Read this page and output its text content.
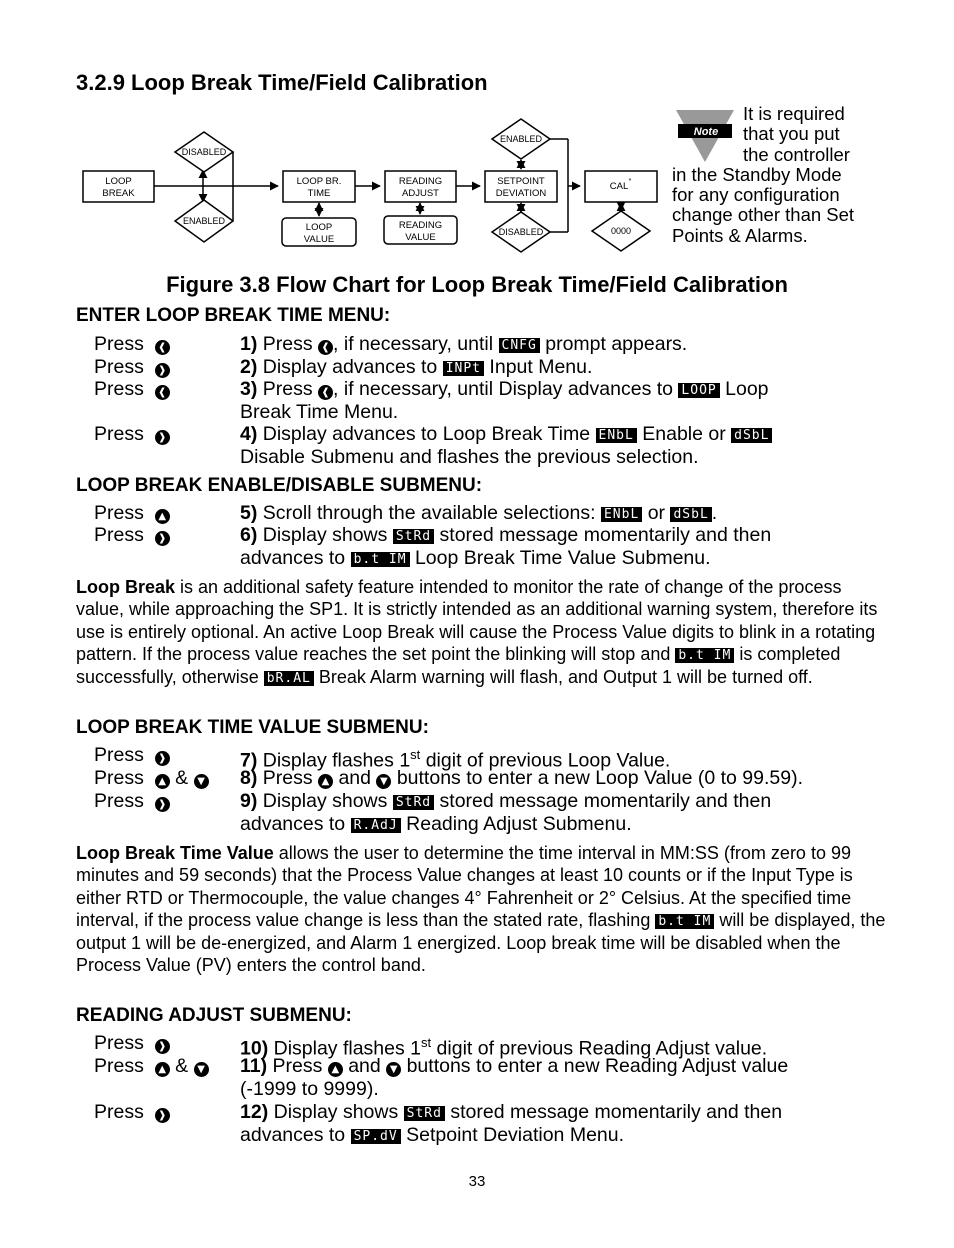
3.2.9 Loop Break Time/Field Calibration
LOOP
BREAK
DISABLED
ENABLED
LOOP BR.
TIME
LOOP
VALUE
READING
ADJUST
READING
VALUE
SETPOINT
DEVIATION
ENABLED
DISABLED
CAL *
0000
Note
It is required
that you put
the controller
in the Standby Mode
for any configuration
change other than Set
Points & Alarms.
Figure 3.8 Flow Chart for Loop Break Time/Field Calibration
ENTER LOOP BREAK TIME MENU:
Press ❰	1) Press ❰ , if necessary, until CNFG prompt appears.
Press ❱	2) Display advances to INPt Input Menu.
Press ❰	3) Press ❰ , if necessary, until Display advances to LOOP Loop
Break Time Menu.
Press ❱	4) Display advances to Loop Break Time ENbL Enable or dSbL
Disable Submenu and flashes the previous selection.
LOOP BREAK ENABLE/DISABLE SUBMENU:
Press ▲	5) Scroll through the available selections: ENbL or dSbL .
Press ❱	6) Display shows StRd stored message momentarily and then
advances to b.t IM Loop Break Time Value Submenu.

Loop Break is an additional safety feature intended to monitor the rate of change of the process value, while approaching the SP1. It is strictly intended as an additional warning system, therefore its use is entirely optional. An active Loop Break will cause the Process Value digits to blink in a rotating pattern. If the process value reaches the set point the blinking will stop and b.t IM is completed successfully, otherwise bR.AL Break Alarm warning will flash, and Output 1 will be turned off.

LOOP BREAK TIME VALUE SUBMENU:
Press ❱	7) Display flashes 1st digit of previous Loop Value.
Press ▲ & ▼ 8) Press ▲ and ▼ buttons to enter a new Loop Value (0 to 99.59).
Press ❱	9) Display shows StRd stored message momentarily and then
advances to R.AdJ Reading Adjust Submenu.

Loop Break Time Value allows the user to determine the time interval in MM:SS (from zero to 99 minutes and 59 seconds) that the Process Value changes at least 10 counts or if the Input Type is either RTD or Thermocouple, the value changes 4° Fahrenheit or 2° Celsius. At the specified time interval, if the process value change is less than the stated rate, flashing b.t IM will be displayed, the output 1 will be de-energized, and Alarm 1 energized. Loop break time will be disabled when the Process Value (PV) enters the control band.

READING ADJUST SUBMENU:
Press ❱	10) Display flashes 1st digit of previous Reading Adjust value.
Press ▲ & ▼ 11) Press ▲ and ▼ buttons to enter a new Reading Adjust value
(-1999 to 9999).
Press ❱	12) Display shows StRd stored message momentarily and then
advances to SP.dV Setpoint Deviation Menu.
33
